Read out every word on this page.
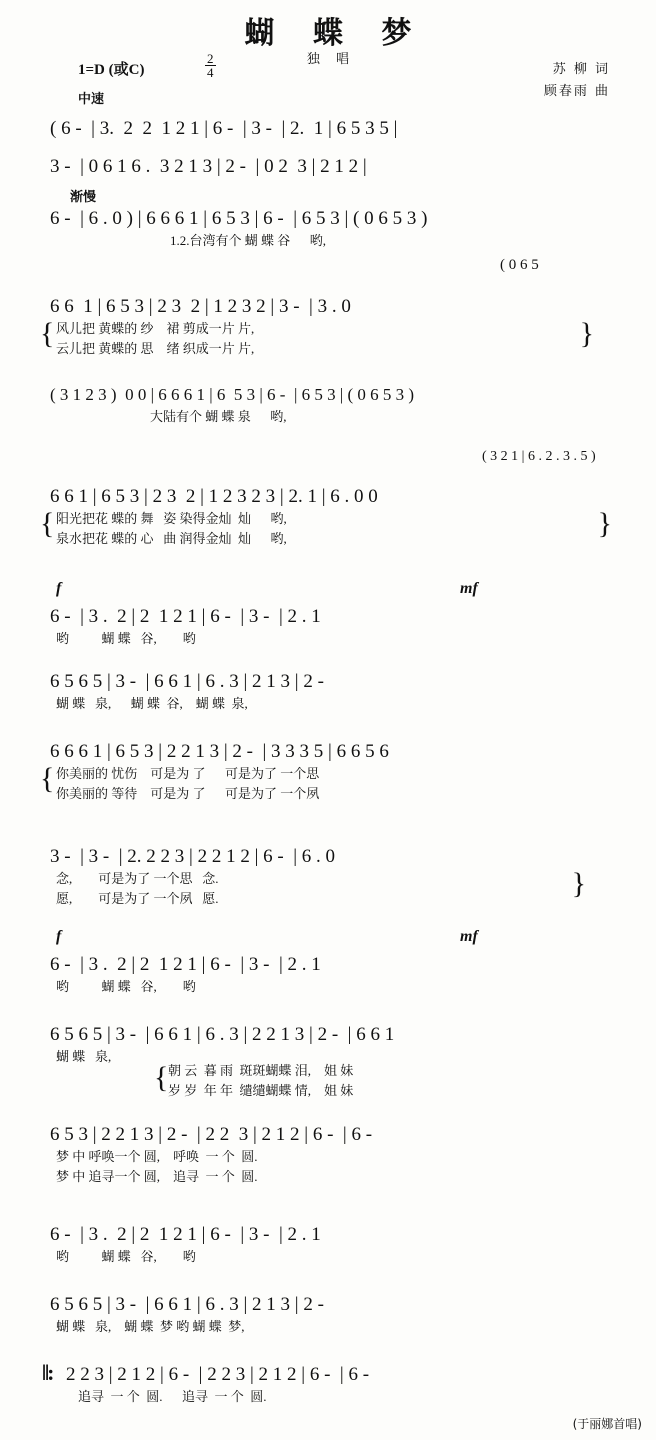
蝴 蝶 梦
独 唱
1=D (或C)	$\frac{2}{4}$
中速
渐慢
苏 柳 词
顾春雨 曲
(于丽娜首唱)
( 6 -  | 3.  2  2  1 2 1 | 6 -  | 3 -  | 2.  1 | 6 5 3 5 |
3 -  | 0 6 1 6 .  3 2 1 3 | 2 -  | 0 2  3 | 2 1 2 |
6 -  | 6 . 0 ) | 6 6 6 1 | 6 5 3 | 6 -  | 6 5 3 | ( 0 6 5 3 )
1.2.台湾有个 蝴 蝶 谷      哟,
( 0 6 5
6 6  1 | 6 5 3 | 2 3  2 | 1 2 3 2 | 3 -  | 3 . 0
{ 风儿把 黄蝶的 纱    裙 剪成一片 片,
云儿把 黄蝶的 思    绪 织成一片 片,	}
( 3 1 2 3 )  0 0 | 6 6 6 1 | 6  5 3 | 6 -  | 6 5 3 | ( 0 6 5 3 )
大陆有个 蝴 蝶 泉      哟,
( 3 2 1 | 6 . 2 . 3 . 5 )
6 6 1 | 6 5 3 | 2 3  2 | 1 2 3 2 3 | 2. 1 | 6 . 0 0
{ 阳光把花 蝶的 舞   姿 染得金灿  灿      哟,
泉水把花 蝶的 心   曲 润得金灿  灿      哟,	}
f	mf
6 -  | 3 .  2 | 2  1 2 1 | 6 -  | 3 -  | 2 . 1
哟          蝴 蝶   谷,        哟
6 5 6 5 | 3 -  | 6 6 1 | 6 . 3 | 2 1 3 | 2 -
蝴 蝶   泉,      蝴 蝶  谷,    蝴 蝶  泉,
6 6 6 1 | 6 5 3 | 2 2 1 3 | 2 -  | 3 3 3 5 | 6 6 5 6
{ 你美丽的 忧伤    可是为 了      可是为了 一个思
你美丽的 等待    可是为 了      可是为了 一个夙
3 -  | 3 -  | 2. 2 2 3 | 2 2 1 2 | 6 -  | 6 . 0
念,        可是为了 一个思   念.
愿,        可是为了 一个夙   愿.	}
f	mf
6 -  | 3 .  2 | 2  1 2 1 | 6 -  | 3 -  | 2 . 1
哟          蝴 蝶   谷,        哟
6 5 6 5 | 3 -  | 6 6 1 | 6 . 3 | 2 2 1 3 | 2 -  | 6 6 1
蝴 蝶   泉,
{ 朝 云  暮 雨  斑斑蝴蝶 泪,    姐 妹
岁 岁  年 年  缱缱蝴蝶 情,    姐 妹
6 5 3 | 2 2 1 3 | 2 -  | 2 2  3 | 2 1 2 | 6 -  | 6 -
梦 中 呼唤一个 圆,    呼唤  一 个  圆.
梦 中 追寻一个 圆,    追寻  一 个  圆.
6 -  | 3 .  2 | 2  1 2 1 | 6 -  | 3 -  | 2 . 1
哟          蝴 蝶   谷,        哟
6 5 6 5 | 3 -  | 6 6 1 | 6 . 3 | 2 1 3 | 2 -
蝴 蝶   泉,    蝴 蝶  梦 哟 蝴 蝶  梦,
‖: 2 2 3 | 2 1 2 | 6 -  | 2 2 3 | 2 1 2 | 6 -  | 6 -
追寻  一 个  圆.      追寻  一 个  圆.
